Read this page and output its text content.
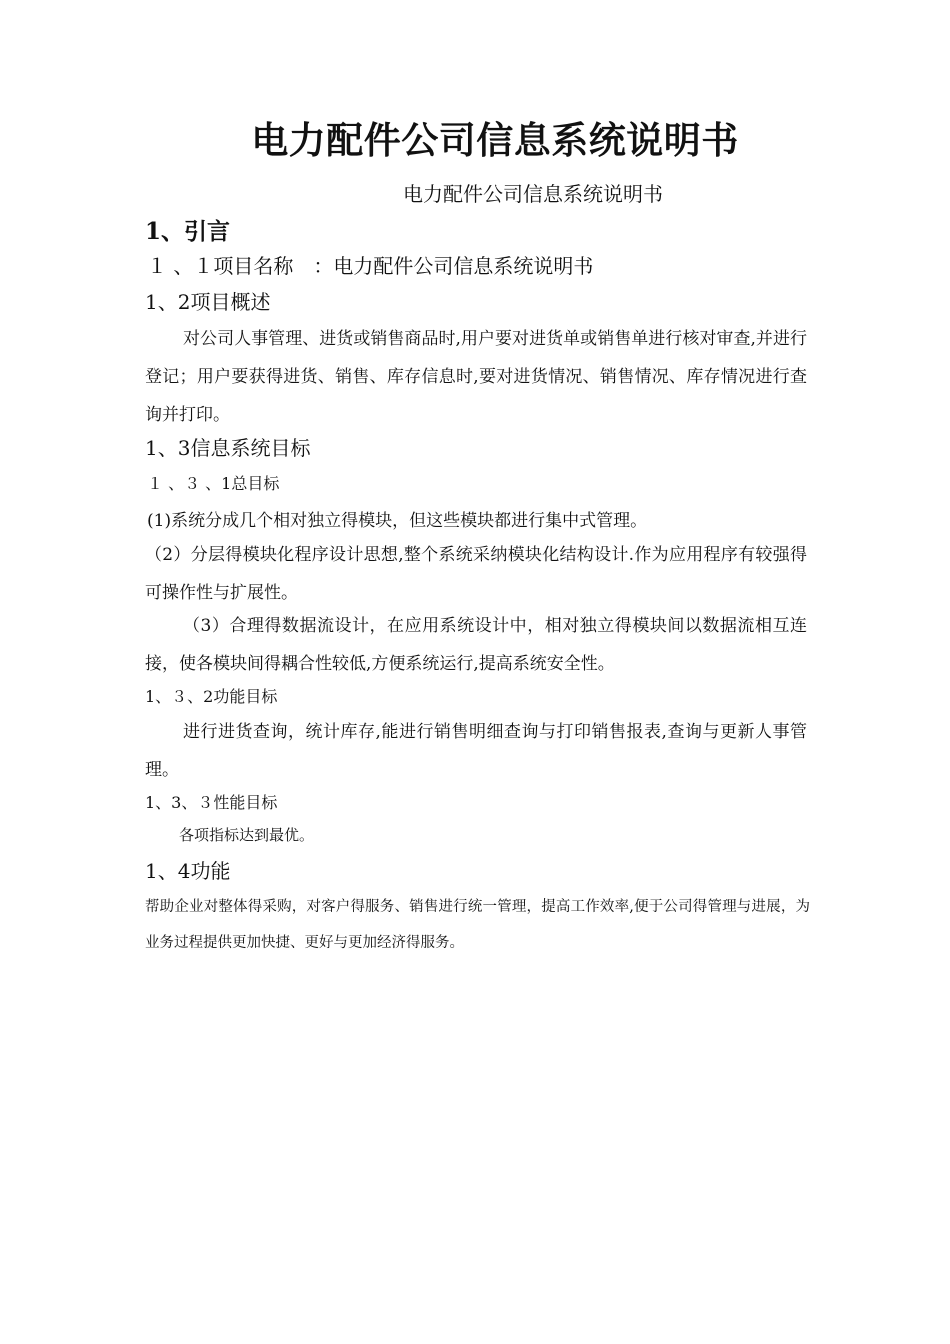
电力配件公司信息系统说明书
电力配件公司信息系统说明书
1、引言
１ 、１项目名称　：电力配件公司信息系统说明书
1、2项目概述
对公司人事管理、进货或销售商品时,用户要对进货单或销售单进行核对审查,并进行登记；用户要获得进货、销售、库存信息时,要对进货情况、销售情况、库存情况进行查询并打印。
1、3信息系统目标
１ 、３ 、1总目标
(1)系统分成几个相对独立得模块，但这些模块都进行集中式管理。
（2）分层得模块化程序设计思想,整个系统采纳模块化结构设计.作为应用程序有较强得可操作性与扩展性。
（3）合理得数据流设计，在应用系统设计中，相对独立得模块间以数据流相互连接，使各模块间得耦合性较低,方便系统运行,提高系统安全性。
1、３、2功能目标
进行进货查询，统计库存,能进行销售明细查询与打印销售报表,查询与更新人事管理。
1、3、３性能目标
各项指标达到最优。
1、4功能
帮助企业对整体得采购，对客户得服务、销售进行统一管理，提高工作效率,便于公司得管理与进展，为业务过程提供更加快捷、更好与更加经济得服务。
